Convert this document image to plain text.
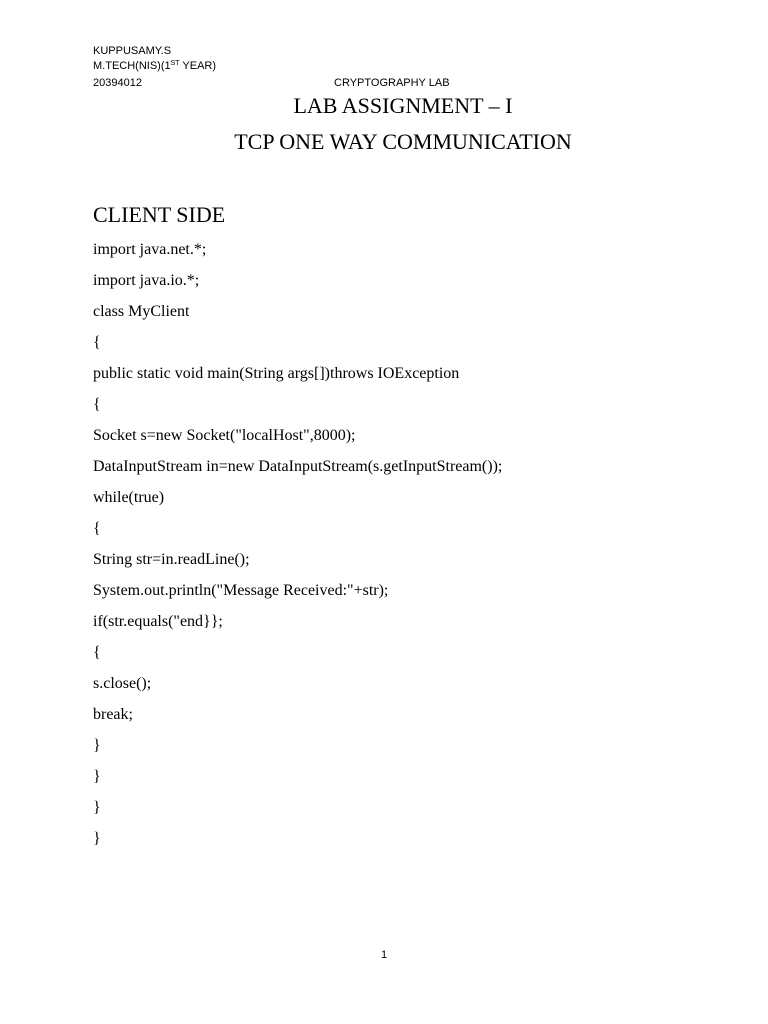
KUPPUSAMY.S
M.TECH(NIS)(1ST YEAR)
20394012	CRYPTOGRAPHY LAB
LAB ASSIGNMENT – I
TCP ONE WAY COMMUNICATION
CLIENT SIDE
import java.net.*;
import java.io.*;
class MyClient
{
public static void main(String args[])throws IOException
{
Socket s=new Socket("localHost",8000);
DataInputStream in=new DataInputStream(s.getInputStream());
while(true)
{
String str=in.readLine();
System.out.println("Message Received:"+str);
if(str.equals("end}};
{
s.close();
break;
}
}
}
}
1
